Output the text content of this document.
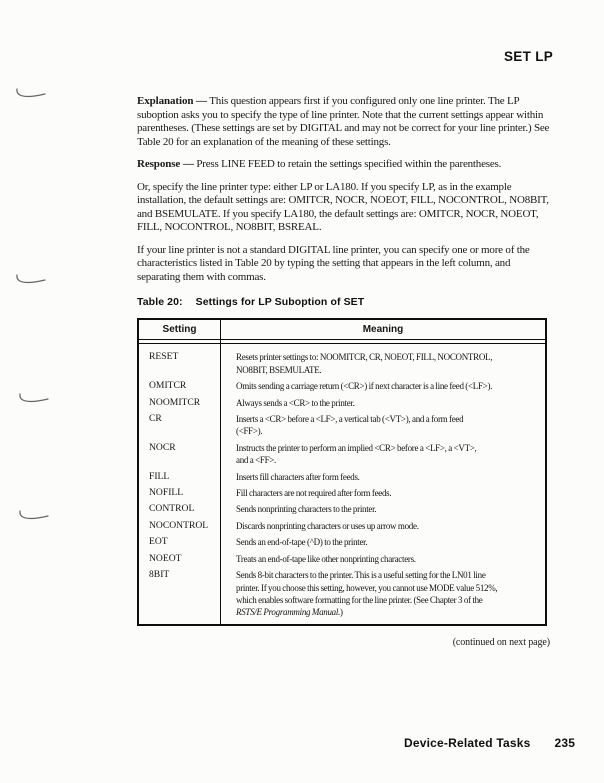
SET LP

Explanation — This question appears first if you configured only one line printer. The LP suboption asks you to specify the type of line printer. Note that the current settings appear within parentheses. (These settings are set by DIGITAL and may not be correct for your line printer.) See Table 20 for an explanation of the meaning of these settings.

Response — Press LINE FEED to retain the settings specified within the parentheses.

Or, specify the line printer type: either LP or LA180. If you specify LP, as in the example installation, the default settings are: OMITCR, NOCR, NOEOT, FILL, NOCONTROL, NO8BIT, and BSEMULATE. If you specify LA180, the default settings are: OMITCR, NOCR, NOEOT, FILL, NOCONTROL, NO8BIT, BSREAL.

If your line printer is not a standard DIGITAL line printer, you can specify one or more of the characteristics listed in Table 20 by typing the setting that appears in the left column, and separating them with commas.

Table 20: Settings for LP Suboption of SET
Setting	Meaning

RESET	Resets printer settings to: NOOMITCR, CR, NOEOT, FILL, NOCONTROL,
NO8BIT, BSEMULATE.

OMITCR	Omits sending a carriage return (<CR>) if next character is a line feed (<LF>).

NOOMITCR	Always sends a <CR> to the printer.

CR	Inserts a <CR> before a <LF>, a vertical tab (<VT>), and a form feed
(<FF>).

NOCR	Instructs the printer to perform an implied <CR> before a <LF>, a <VT>,
and a <FF>.

FILL	Inserts fill characters after form feeds.

NOFILL	Fill characters are not required after form feeds.

CONTROL	Sends nonprinting characters to the printer.

NOCONTROL	Discards nonprinting characters or uses up arrow mode.

EOT	Sends an end-of-tape (^D) to the printer.

NOEOT	Treats an end-of-tape like other nonprinting characters.

8BIT	Sends 8-bit characters to the printer. This is a useful setting for the LN01 line
printer. If you choose this setting, however, you cannot use MODE value 512%,
which enables software formatting for the line printer. (See Chapter 3 of the
RSTS/E Programming Manual.)
(continued on next page)
Device-Related Tasks 235
